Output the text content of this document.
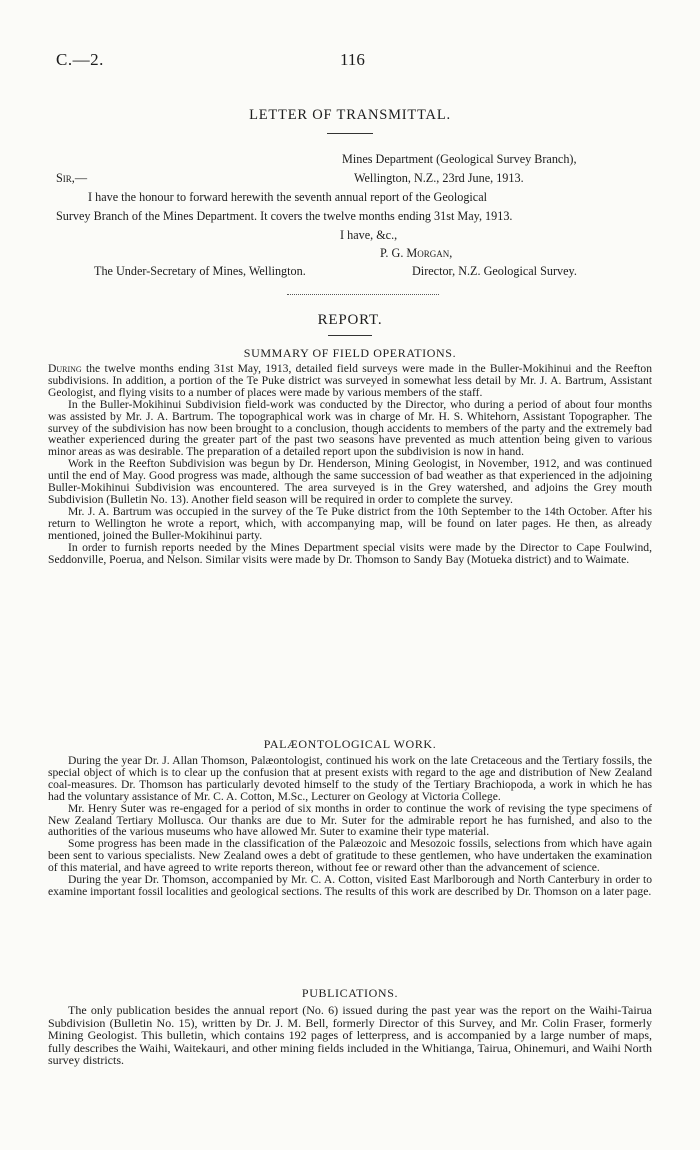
C.—2.	116
LETTER OF TRANSMITTAL.
Mines Department (Geological Survey Branch),
Sir,—	Wellington, N.Z., 23rd June, 1913.
I have the honour to forward herewith the seventh annual report of the Geological
Survey Branch of the Mines Department. It covers the twelve months ending 31st May, 1913.
I have, &c.,
P. G. Morgan,
The Under-Secretary of Mines, Wellington.	Director, N.Z. Geological Survey.
REPORT.
SUMMARY OF FIELD OPERATIONS.

During the twelve months ending 31st May, 1913, detailed field surveys were made in the Buller-Mokihinui and the Reefton subdivisions. In addition, a portion of the Te Puke district was surveyed in somewhat less detail by Mr. J. A. Bartrum, Assistant Geologist, and flying visits to a number of places were made by various members of the staff.

In the Buller-Mokihinui Subdivision field-work was conducted by the Director, who during a period of about four months was assisted by Mr. J. A. Bartrum. The topographical work was in charge of Mr. H. S. Whitehorn, Assistant Topographer. The survey of the subdivision has now been brought to a conclusion, though accidents to members of the party and the extremely bad weather experienced during the greater part of the past two seasons have prevented as much attention being given to various minor areas as was desirable. The preparation of a detailed report upon the subdivision is now in hand.

Work in the Reefton Subdivision was begun by Dr. Henderson, Mining Geologist, in November, 1912, and was continued until the end of May. Good progress was made, although the same succession of bad weather as that experienced in the adjoining Buller-Mokihinui Subdivision was encountered. The area surveyed is in the Grey watershed, and adjoins the Grey mouth Subdivision (Bulletin No. 13). Another field season will be required in order to complete the survey.

Mr. J. A. Bartrum was occupied in the survey of the Te Puke district from the 10th September to the 14th October. After his return to Wellington he wrote a report, which, with accompanying map, will be found on later pages. He then, as already mentioned, joined the Buller-Mokihinui party.

In order to furnish reports needed by the Mines Department special visits were made by the Director to Cape Foulwind, Seddonville, Poerua, and Nelson. Similar visits were made by Dr. Thomson to Sandy Bay (Motueka district) and to Waimate.

PALÆONTOLOGICAL WORK.

During the year Dr. J. Allan Thomson, Palæontologist, continued his work on the late Cretaceous and the Tertiary fossils, the special object of which is to clear up the confusion that at present exists with regard to the age and distribution of New Zealand coal-measures. Dr. Thomson has particularly devoted himself to the study of the Tertiary Brachiopoda, a work in which he has had the voluntary assistance of Mr. C. A. Cotton, M.Sc., Lecturer on Geology at Victoria College.

Mr. Henry Suter was re-engaged for a period of six months in order to continue the work of revising the type specimens of New Zealand Tertiary Mollusca. Our thanks are due to Mr. Suter for the admirable report he has furnished, and also to the authorities of the various museums who have allowed Mr. Suter to examine their type material.

Some progress has been made in the classification of the Palæozoic and Mesozoic fossils, selections from which have again been sent to various specialists. New Zealand owes a debt of gratitude to these gentlemen, who have undertaken the examination of this material, and have agreed to write reports thereon, without fee or reward other than the advancement of science.

During the year Dr. Thomson, accompanied by Mr. C. A. Cotton, visited East Marlborough and North Canterbury in order to examine important fossil localities and geological sections. The results of this work are described by Dr. Thomson on a later page.

PUBLICATIONS.

The only publication besides the annual report (No. 6) issued during the past year was the report on the Waihi-Tairua Subdivision (Bulletin No. 15), written by Dr. J. M. Bell, formerly Director of this Survey, and Mr. Colin Fraser, formerly Mining Geologist. This bulletin, which contains 192 pages of letterpress, and is accompanied by a large number of maps, fully describes the Waihi, Waitekauri, and other mining fields included in the Whitianga, Tairua, Ohinemuri, and Waihi North survey districts.
